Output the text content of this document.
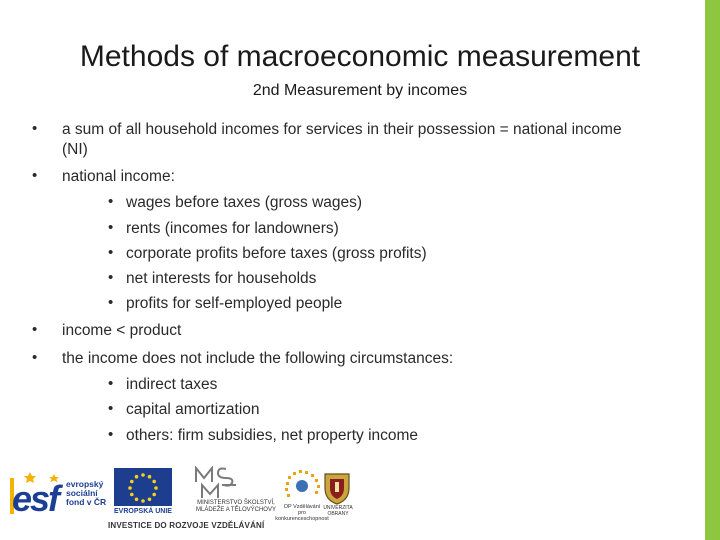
Methods of macroeconomic measurement
2nd Measurement by incomes
• a sum of all household incomes for services in their possession = national income
(NI)
• national income:
• wages before taxes (gross wages)
• rents (incomes for landowners)
• corporate profits before taxes (gross profits)
• net interests for households
• profits for self-employed people
• income < product
• the income does not include the following circumstances:
• indirect taxes
• capital amortization
• others: firm subsidies, net property income
esf evropský
sociální
fond v ČR
EVROPSKÁ UNIE
MINISTERSTVO ŠKOLSTVÍ,
MLÁDEŽE A TĚLOVÝCHOVY	OP Vzdělávání
pro konkurenceschopnost
UNIVERZITA
OBRANY
INVESTICE DO ROZVOJE VZDĚLÁVÁNÍ
